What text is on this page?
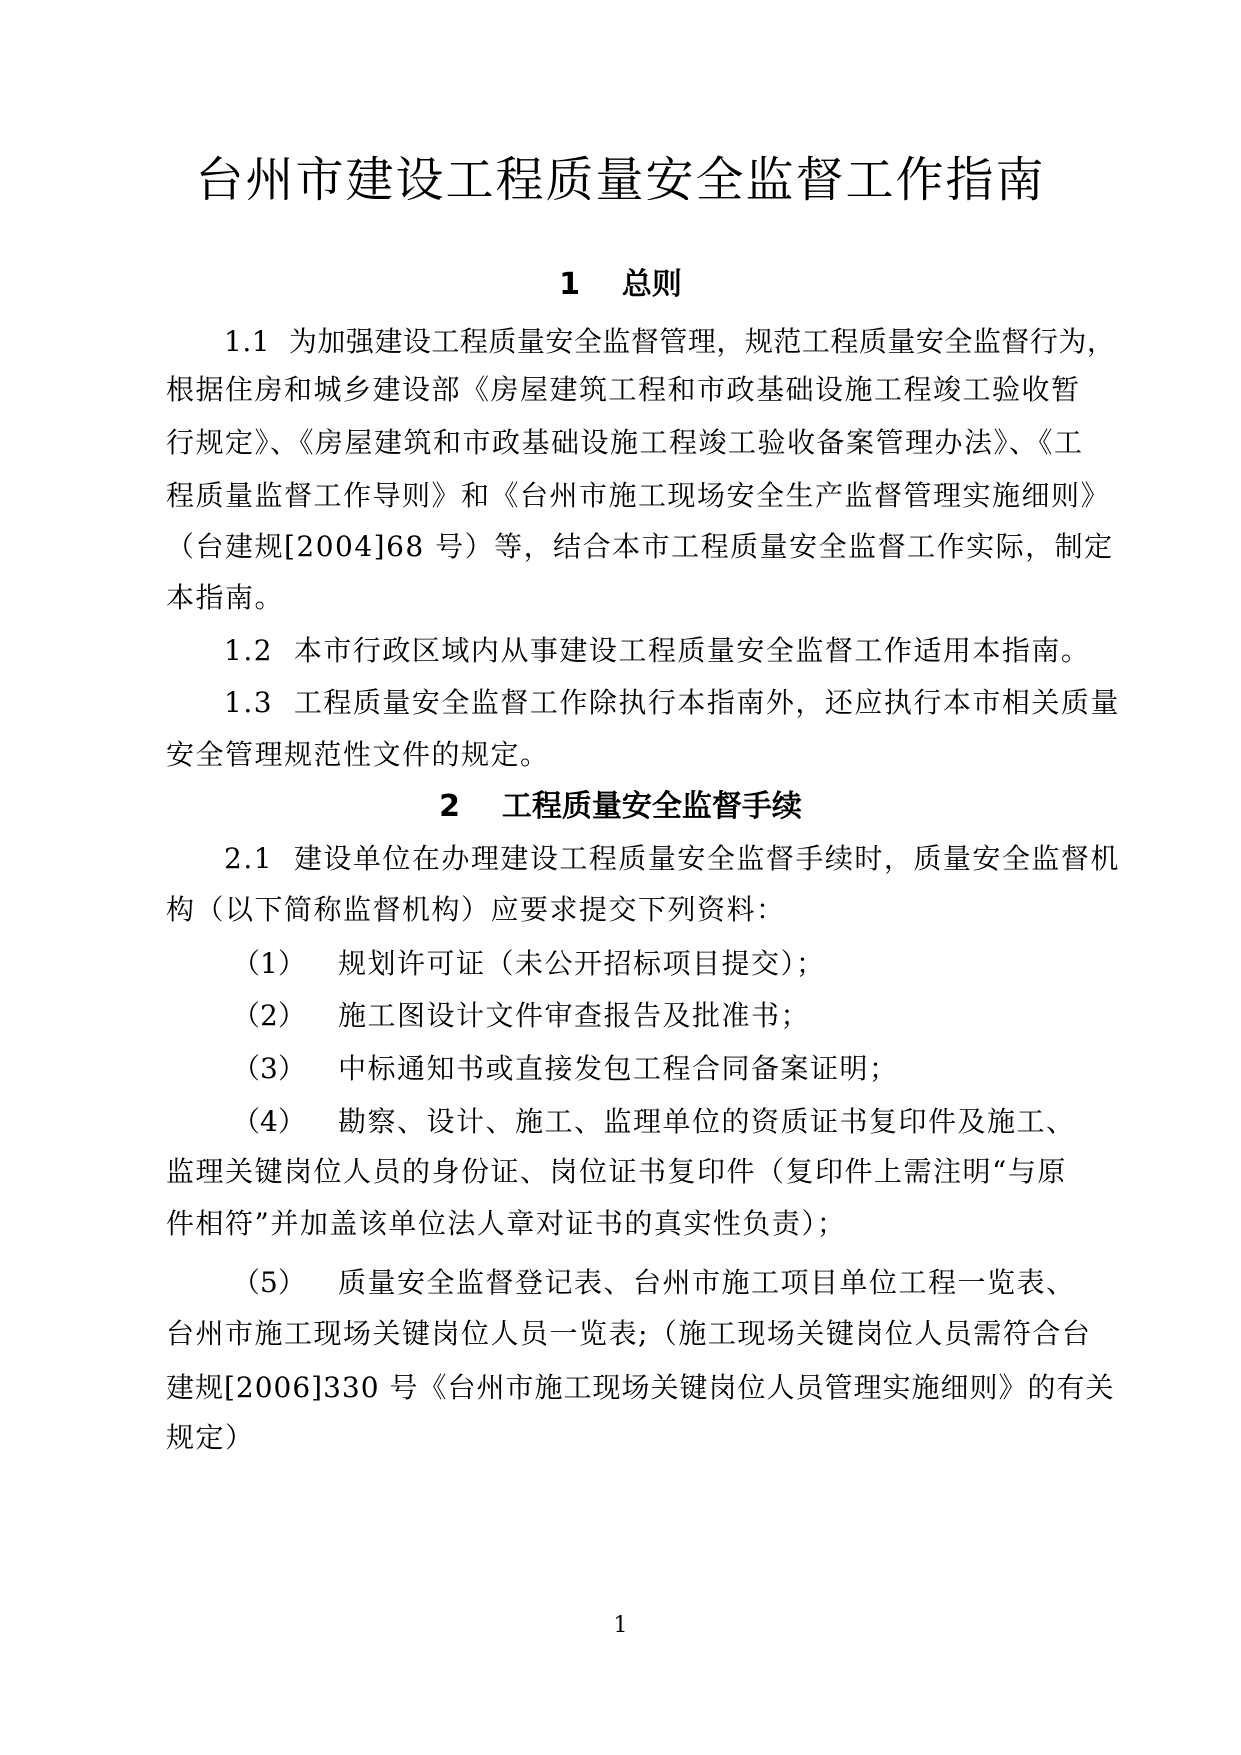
台州市建设工程质量安全监督工作指南
1    总则
1.1  为加强建设工程质量安全监督管理，规范工程质量安全监督行为，
根据住房和城乡建设部《房屋建筑工程和市政基础设施工程竣工验收暂
行规定》、《房屋建筑和市政基础设施工程竣工验收备案管理办法》、《工
程质量监督工作导则》和《台州市施工现场安全生产监督管理实施细则》
（台建规[2004]68 号）等，结合本市工程质量安全监督工作实际，制定
本指南。
1.2  本市行政区域内从事建设工程质量安全监督工作适用本指南。
1.3  工程质量安全监督工作除执行本指南外，还应执行本市相关质量
安全管理规范性文件的规定。
2    工程质量安全监督手续
2.1  建设单位在办理建设工程质量安全监督手续时，质量安全监督机
构（以下简称监督机构）应要求提交下列资料：
（1） 规划许可证（未公开招标项目提交）；
（2） 施工图设计文件审查报告及批准书；
（3） 中标通知书或直接发包工程合同备案证明；
（4） 勘察、设计、施工、监理单位的资质证书复印件及施工、
监理关键岗位人员的身份证、岗位证书复印件（复印件上需注明“与原
件相符”并加盖该单位法人章对证书的真实性负责）；
（5） 质量安全监督登记表、台州市施工项目单位工程一览表、
台州市施工现场关键岗位人员一览表;（施工现场关键岗位人员需符合台
建规[2006]330 号《台州市施工现场关键岗位人员管理实施细则》的有关
规定）
1
